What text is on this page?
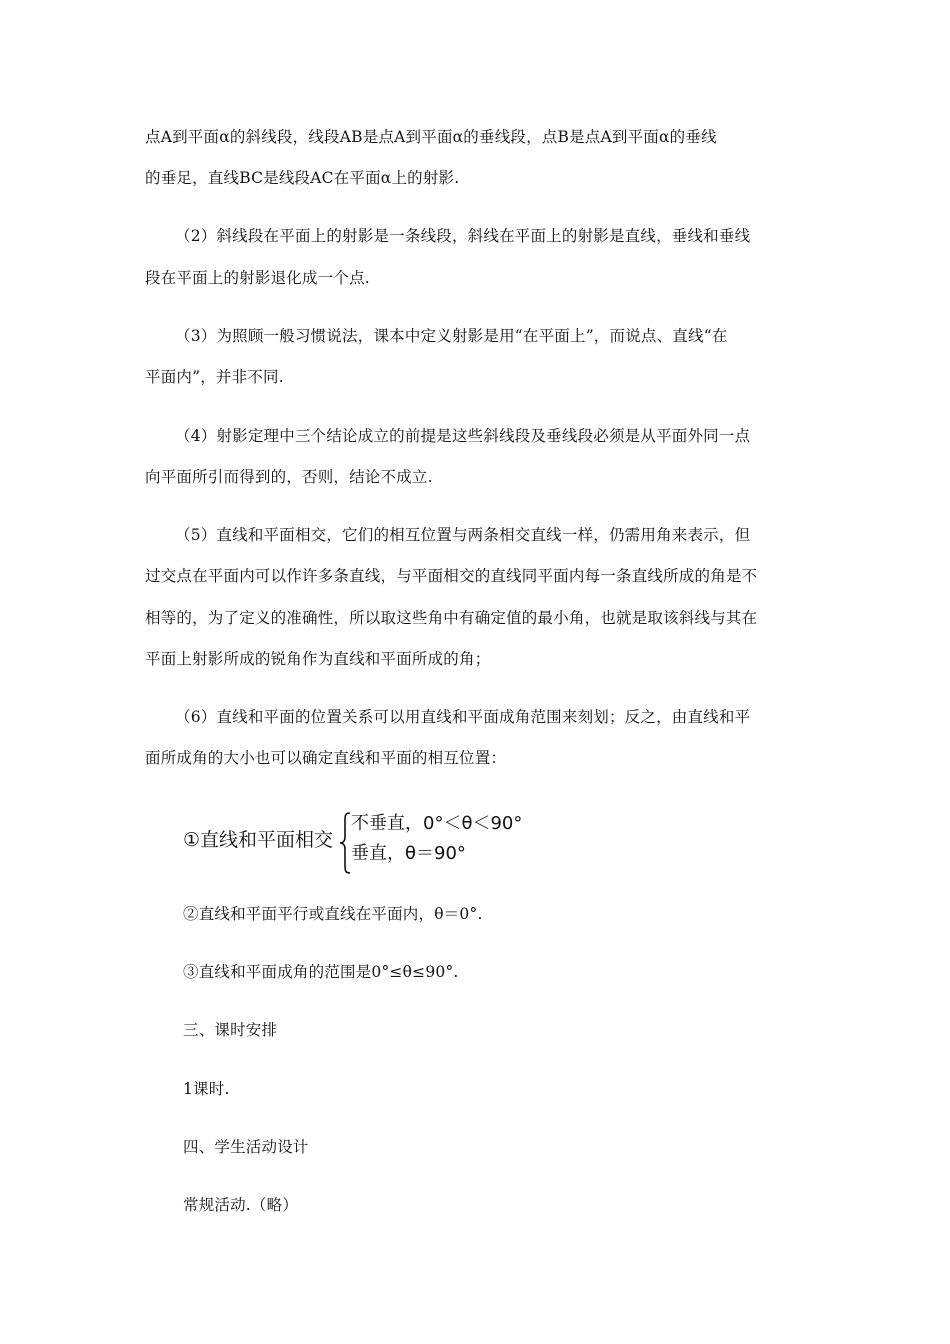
点A到平面α的斜线段，线段AB是点A到平面α的垂线段，点B是点A到平面α的垂线
的垂足，直线BC是线段AC在平面α上的射影.
（2）斜线段在平面上的射影是一条线段，斜线在平面上的射影是直线，垂线和垂线
段在平面上的射影退化成一个点.
（3）为照顾一般习惯说法，课本中定义射影是用“在平面上”，而说点、直线“在
平面内”，并非不同.
（4）射影定理中三个结论成立的前提是这些斜线段及垂线段必须是从平面外同一点
向平面所引而得到的，否则，结论不成立.
（5）直线和平面相交，它们的相互位置与两条相交直线一样，仍需用角来表示，但
过交点在平面内可以作许多条直线，与平面相交的直线同平面内每一条直线所成的角是不
相等的，为了定义的准确性，所以取这些角中有确定值的最小角，也就是取该斜线与其在
平面上射影所成的锐角作为直线和平面所成的角；
（6）直线和平面的位置关系可以用直线和平面成角范围来刻划；反之，由直线和平
面所成角的大小也可以确定直线和平面的相互位置：
①直线和平面相交
不垂直，0°＜θ＜90°
垂直，θ＝90°
②直线和平面平行或直线在平面内，θ＝0°.
③直线和平面成角的范围是0°≤θ≤90°.
三、课时安排
1课时.
四、学生活动设计
常规活动.（略）
